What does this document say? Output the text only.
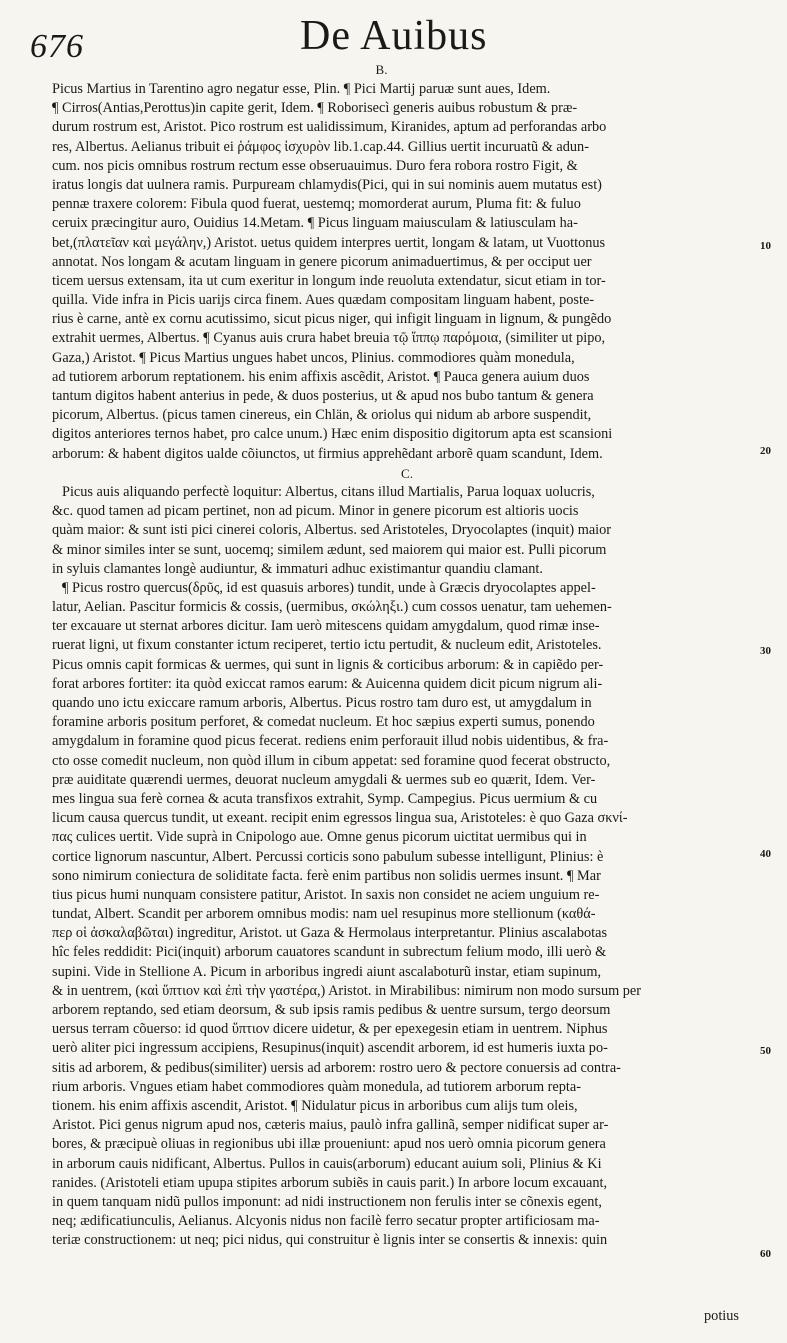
676	De Auibus
Picus Martius in Tarentino agro negatur esse, Plin. ¶ Pici Martij paruæ sunt aues, Idem.
¶ Cirros(Antias,Perottus)in capite gerit, Idem. ¶ Roborisecì generis auibus robustum & præ-
durum rostrum est, Aristot. Pico rostrum est ualidissimum, Kiranides, aptum ad perforandas arbo
res, Albertus. Aelianus tribuit ei ῥάμφος ἰσχυρὸν lib.1.cap.44. Gillius uertit incuruatũ & adun-
cum. nos picis omnibus rostrum rectum esse obseruauimus. Duro fera robora rostro Figit, &
iratus longis dat uulnera ramis. Purpuream chlamydis(Pici, qui in sui nominis auem mutatus est)
pennæ traxere colorem: Fibula quod fuerat, uestemq; momorderat aurum, Pluma fit: & fuluo
ceruix præcingitur auro, Ouidius 14.Metam. ¶ Picus linguam maiusculam & latiusculam ha-
bet,(πλατεῖαν καὶ μεγάλην,) Aristot. uetus quidem interpres uertit, longam & latam, ut Vuottonus
annotat. Nos longam & acutam linguam in genere picorum animaduertimus, & per occiput uer
ticem uersus extensam, ita ut cum exeritur in longum inde reuoluta extendatur, sicut etiam in tor-
quilla. Vide infra in Picis uarijs circa finem. Aues quædam compositam linguam habent, poste-
rius è carne, antè ex cornu acutissimo, sicut picus niger, qui infigit linguam in lignum, & pungẽdo
extrahit uermes, Albertus. ¶ Cyanus auis crura habet breuia τῷ ἵππῳ παρόμοια, (similiter ut pipo,
Gaza,) Aristot. ¶ Picus Martius ungues habet uncos, Plinius. commodiores quàm monedula,
ad tutiorem arborum reptationem. his enim affixis ascẽdit, Aristot. ¶ Pauca genera auium duos
tantum digitos habent anterius in pede, & duos posterius, ut & apud nos bubo tantum & genera
picorum, Albertus. (picus tamen cinereus, ein Chlän, & oriolus qui nidum ab arbore suspendit,
digitos anteriores ternos habet, pro calce unum.) Hæc enim dispositio digitorum apta est scansioni
arborum: & habent digitos ualde cõiunctos, ut firmius apprehẽdant arborẽ quam scandunt, Idem.
C.
Picus auis aliquando perfectè loquitur: Albertus, citans illud Martialis, Parua loquax uolucris,
&c. quod tamen ad picam pertinet, non ad picum. Minor in genere picorum est altioris uocis
quàm maior: & sunt isti pici cinerei coloris, Albertus. sed Aristoteles, Dryocolaptes (inquit) maior
& minor similes inter se sunt, uocemq; similem ædunt, sed maiorem qui maior est. Pulli picorum
in syluis clamantes longè audiuntur, & immaturi adhuc existimantur quandiu clamant.
¶ Picus rostro quercus(δρῦς, id est quasuis arbores) tundit, unde à Græcis dryocolaptes appel-
latur, Aelian. Pascitur formicis & cossis, (uermibus, σκώληξι.) cum cossos uenatur, tam uehemen-
ter excauare ut sternat arbores dicitur. Iam uerò mitescens quidam amygdalum, quod rimæ inse-
ruerat ligni, ut fixum constanter ictum reciperet, tertio ictu pertudit, & nucleum edit, Aristoteles.
Picus omnis capit formicas & uermes, qui sunt in lignis & corticibus arborum: & in capiẽdo per-
forat arbores fortiter: ita quòd exiccat ramos earum: & Auicenna quidem dicit picum nigrum ali-
quando uno ictu exiccare ramum arboris, Albertus. Picus rostro tam duro est, ut amygdalum in
foramine arboris positum perforet, & comedat nucleum. Et hoc sæpius experti sumus, ponendo
amygdalum in foramine quod picus fecerat. rediens enim perforauit illud nobis uidentibus, & fra-
cto osse comedit nucleum, non quòd illum in cibum appetat: sed foramine quod fecerat obstructo,
præ auiditate quærendi uermes, deuorat nucleum amygdali & uermes sub eo quærit, Idem. Ver-
mes lingua sua ferè cornea & acuta transfixos extrahit, Symp. Campegius. Picus uermium & cu
licum causa quercus tundit, ut exeant. recipit enim egressos lingua sua, Aristoteles: è quo Gaza σκνί-
πας culices uertit. Vide suprà in Cnipologo aue. Omne genus picorum uictitat uermibus qui in
cortice lignorum nascuntur, Albert. Percussi corticis sono pabulum subesse intelligunt, Plinius: è
sono nimirum coniectura de soliditate facta. ferè enim partibus non solidis uermes insunt. ¶ Mar
tius picus humi nunquam consistere patitur, Aristot. In saxis non considet ne aciem unguium re-
tundat, Albert. Scandit per arborem omnibus modis: nam uel resupinus more stellionum (καθά-
περ οἱ ἀσκαλαβῶται) ingreditur, Aristot. ut Gaza & Hermolaus interpretantur. Plinius ascalabotas
hîc feles reddidit: Pici(inquit) arborum cauatores scandunt in subrectum felium modo, illi uerò &
supini. Vide in Stellione A. Picum in arboribus ingredi aiunt ascalaboturũ instar, etiam supinum,
& in uentrem, (καὶ ὕπτιον καὶ ἐπὶ τὴν γαστέρα,) Aristot. in Mirabilibus: nimirum non modo sursum per
arborem reptando, sed etiam deorsum, & sub ipsis ramis pedibus & uentre sursum, tergo deorsum
uersus terram cõuerso: id quod ὕπτιον dicere uidetur, & per epexegesin etiam in uentrem. Niphus
uerò aliter pici ingressum accipiens, Resupinus(inquit) ascendit arborem, id est humeris iuxta po-
sitis ad arborem, & pedibus(similiter) uersis ad arborem: rostro uero & pectore conuersis ad contra-
rium arboris. Vngues etiam habet commodiores quàm monedula, ad tutiorem arborum repta-
tionem. his enim affixis ascendit, Aristot. ¶ Nidulatur picus in arboribus cum alijs tum oleis,
Aristot. Pici genus nigrum apud nos, cæteris maius, paulò infra gallinã, semper nidificat super ar-
bores, & præcipuè oliuas in regionibus ubi illæ proueniunt: apud nos uerò omnia picorum genera
in arborum cauis nidificant, Albertus. Pullos in cauis(arborum) educant auium soli, Plinius & Ki
ranides. (Aristoteli etiam upupa stipites arborum subiẽs in cauis parit.) In arbore locum excauant,
in quem tanquam nidũ pullos imponunt: ad nidi instructionem non ferulis inter se cõnexis egent,
neq; ædificatiunculis, Aelianus. Alcyonis nidus non facilè ferro secatur propter artificiosam ma-
teriæ constructionem: ut neq; pici nidus, qui construitur è lignis inter se consertis & innexis: quin
10
20
30
40
50
60
potius
B.
